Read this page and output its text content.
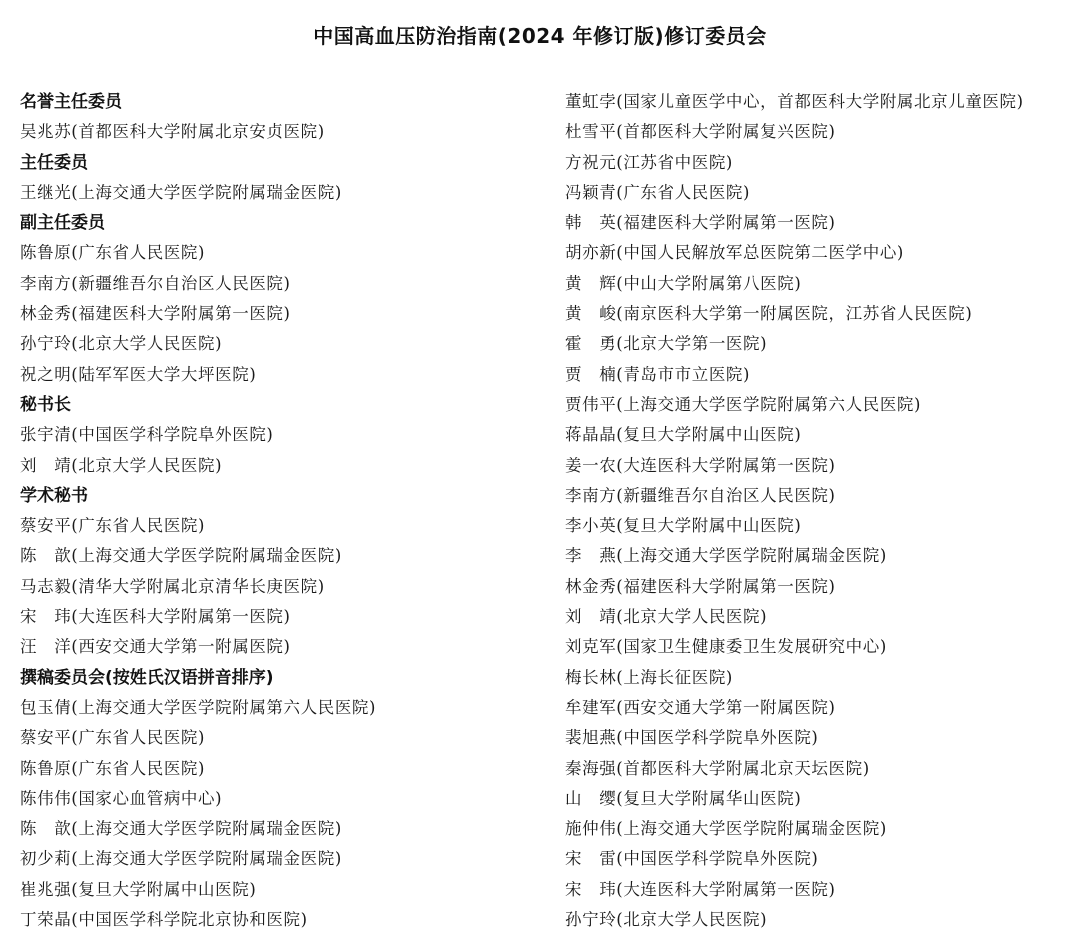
中国高血压防治指南(2024 年修订版)修订委员会
名誉主任委员
吴兆苏(首都医科大学附属北京安贞医院)
主任委员
王继光(上海交通大学医学院附属瑞金医院)
副主任委员
陈鲁原(广东省人民医院)
李南方(新疆维吾尔自治区人民医院)
林金秀(福建医科大学附属第一医院)
孙宁玲(北京大学人民医院)
祝之明(陆军军医大学大坪医院)
秘书长
张宇清(中国医学科学院阜外医院)
刘　靖(北京大学人民医院)
学术秘书
蔡安平(广东省人民医院)
陈　歆(上海交通大学医学院附属瑞金医院)
马志毅(清华大学附属北京清华长庚医院)
宋　玮(大连医科大学附属第一医院)
汪　洋(西安交通大学第一附属医院)
撰稿委员会(按姓氏汉语拼音排序)
包玉倩(上海交通大学医学院附属第六人民医院)
蔡安平(广东省人民医院)
陈鲁原(广东省人民医院)
陈伟伟(国家心血管病中心)
陈　歆(上海交通大学医学院附属瑞金医院)
初少莉(上海交通大学医学院附属瑞金医院)
崔兆强(复旦大学附属中山医院)
丁荣晶(中国医学科学院北京协和医院)
董虹孛(国家儿童医学中心，首都医科大学附属北京儿童医院)
杜雪平(首都医科大学附属复兴医院)
方祝元(江苏省中医院)
冯颖青(广东省人民医院)
韩　英(福建医科大学附属第一医院)
胡亦新(中国人民解放军总医院第二医学中心)
黄　辉(中山大学附属第八医院)
黄　峻(南京医科大学第一附属医院，江苏省人民医院)
霍　勇(北京大学第一医院)
贾　楠(青岛市市立医院)
贾伟平(上海交通大学医学院附属第六人民医院)
蒋晶晶(复旦大学附属中山医院)
姜一农(大连医科大学附属第一医院)
李南方(新疆维吾尔自治区人民医院)
李小英(复旦大学附属中山医院)
李　燕(上海交通大学医学院附属瑞金医院)
林金秀(福建医科大学附属第一医院)
刘　靖(北京大学人民医院)
刘克军(国家卫生健康委卫生发展研究中心)
梅长林(上海长征医院)
牟建军(西安交通大学第一附属医院)
裴旭燕(中国医学科学院阜外医院)
秦海强(首都医科大学附属北京天坛医院)
山　缨(复旦大学附属华山医院)
施仲伟(上海交通大学医学院附属瑞金医院)
宋　雷(中国医学科学院阜外医院)
宋　玮(大连医科大学附属第一医院)
孙宁玲(北京大学人民医院)
